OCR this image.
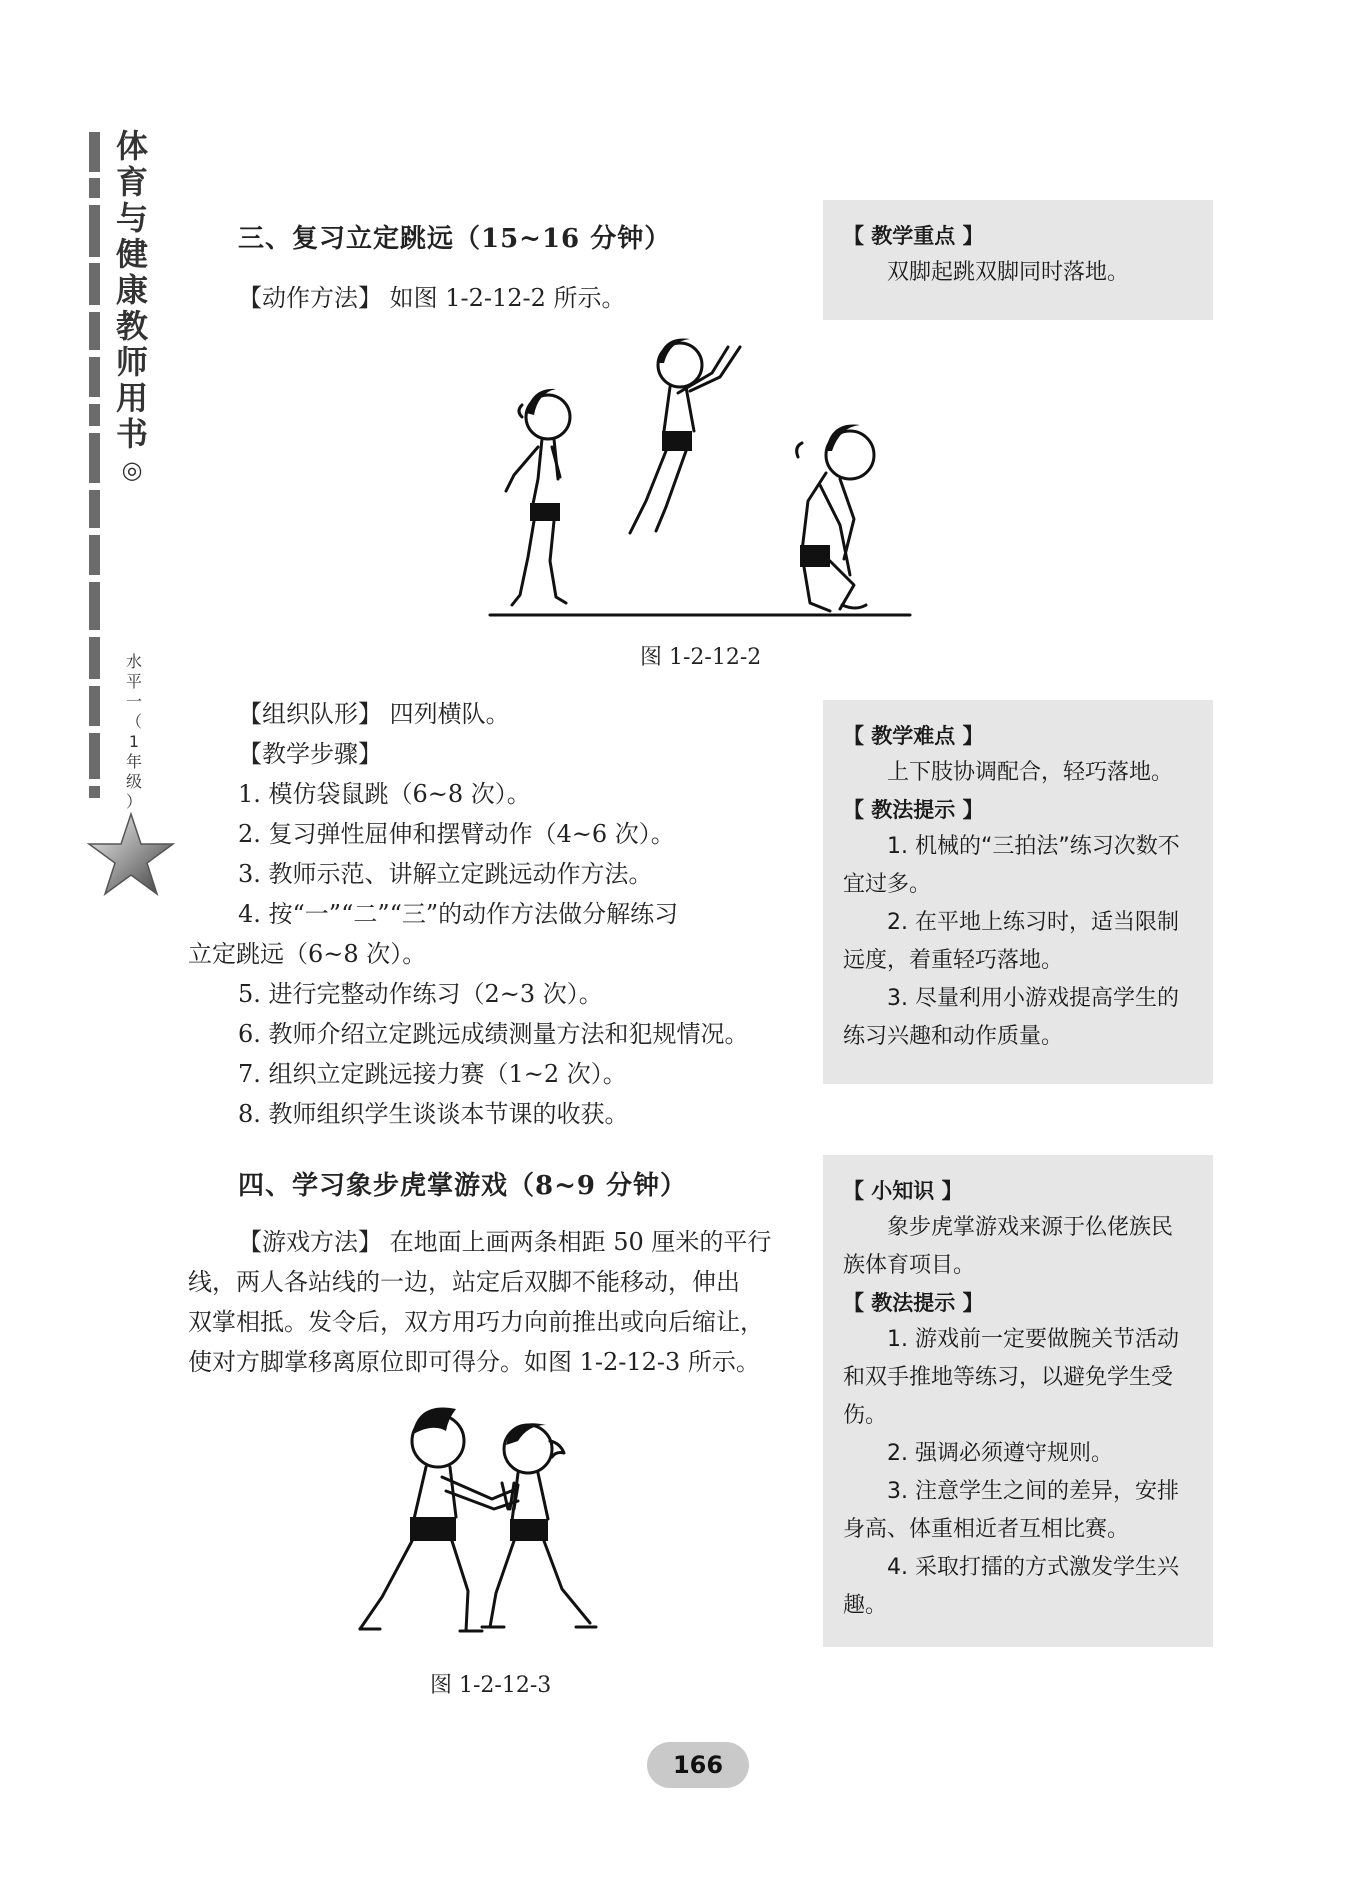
体
育
与
健
康
教
师
用
书
◎
水
平
一
（
1
年
级
）
三、复习立定跳远（15~16 分钟）
【动作方法】 如图 1-2-12-2 所示。
图 1-2-12-2
【组织队形】 四列横队。
【教学步骤】
1. 模仿袋鼠跳（6~8 次）。
2. 复习弹性屈伸和摆臂动作（4~6 次）。
3. 教师示范、讲解立定跳远动作方法。
4. 按“一”“二”“三”的动作方法做分解练习
立定跳远（6~8 次）。
5. 进行完整动作练习（2~3 次）。
6. 教师介绍立定跳远成绩测量方法和犯规情况。
7. 组织立定跳远接力赛（1~2 次）。
8. 教师组织学生谈谈本节课的收获。
四、学习象步虎掌游戏（8~9 分钟）
【游戏方法】 在地面上画两条相距 50 厘米的平行
线，两人各站线的一边，站定后双脚不能移动，伸出
双掌相抵。发令后，双方用巧力向前推出或向后缩让，
使对方脚掌移离原位即可得分。如图 1-2-12-3 所示。
图 1-2-12-3
【 教学重点 】
双脚起跳双脚同时落地。
【 教学难点 】
上下肢协调配合，轻巧落地。
【 教法提示 】
1. 机械的“三拍法”练习次数不宜过多。
2. 在平地上练习时，适当限制远度，着重轻巧落地。
3. 尽量利用小游戏提高学生的练习兴趣和动作质量。
【 小知识 】
象步虎掌游戏来源于仫佬族民族体育项目。
【 教法提示 】
1. 游戏前一定要做腕关节活动和双手推地等练习，以避免学生受伤。
2. 强调必须遵守规则。
3. 注意学生之间的差异，安排身高、体重相近者互相比赛。
4. 采取打擂的方式激发学生兴趣。
166
